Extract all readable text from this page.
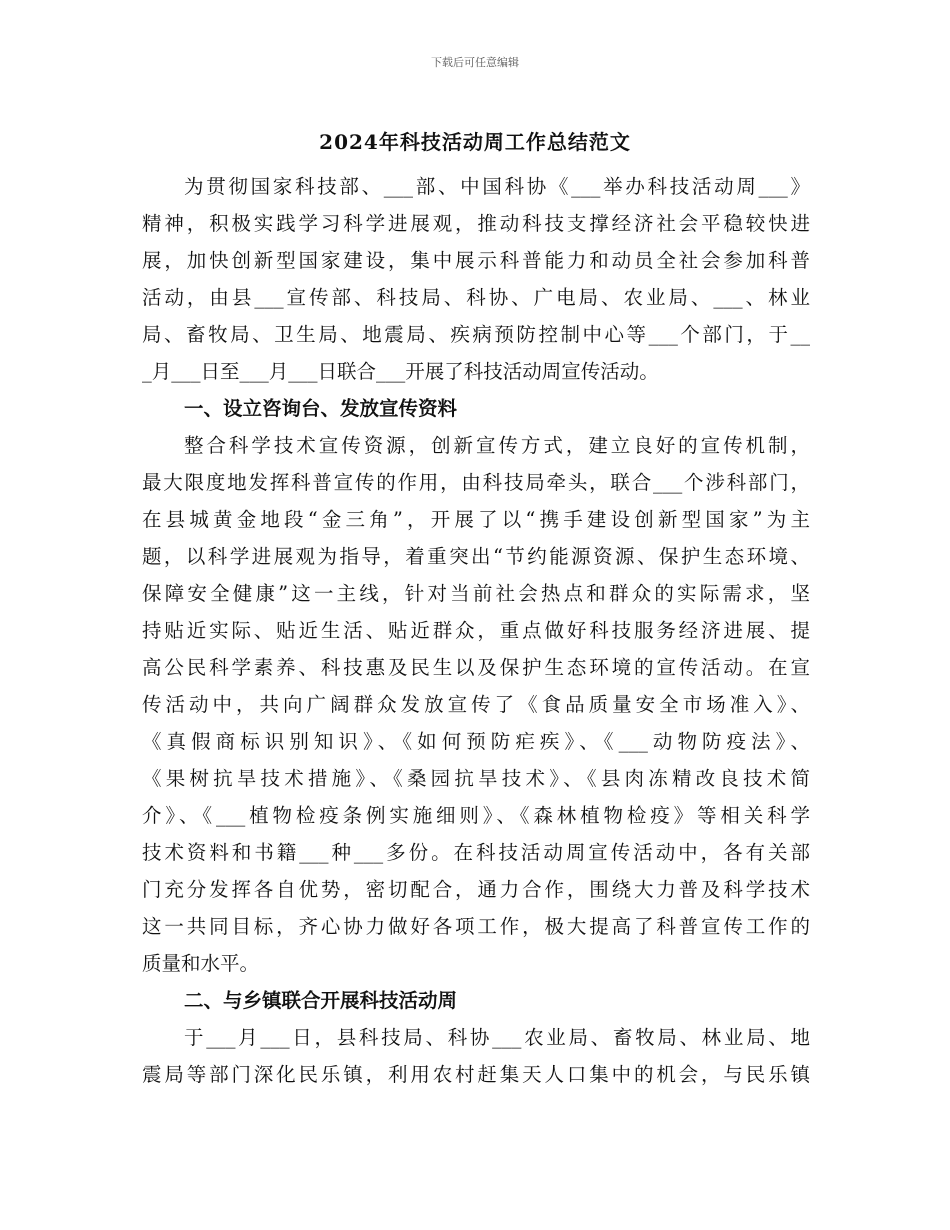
下载后可任意编辑
2024年科技活动周工作总结范文
为贯彻国家科技部、___部、中国科协《___举办科技活动周___》
精神，积极实践学习科学进展观，推动科技支撑经济社会平稳较快进
展，加快创新型国家建设，集中展示科普能力和动员全社会参加科普
活动，由县___宣传部、科技局、科协、广电局、农业局、___、林业
局、畜牧局、卫生局、地震局、疾病预防控制中心等___个部门，于__
_月___日至___月___日联合___开展了科技活动周宣传活动。
一、设立咨询台、发放宣传资料
整合科学技术宣传资源，创新宣传方式，建立良好的宣传机制，
最大限度地发挥科普宣传的作用，由科技局牵头，联合___个涉科部门，
在县城黄金地段“金三角”，开展了以“携手建设创新型国家”为主
题，以科学进展观为指导，着重突出“节约能源资源、保护生态环境、
保障安全健康”这一主线，针对当前社会热点和群众的实际需求，坚
持贴近实际、贴近生活、贴近群众，重点做好科技服务经济进展、提
高公民科学素养、科技惠及民生以及保护生态环境的宣传活动。在宣
传活动中，共向广阔群众发放宣传了《食品质量安全市场准入》、
《真假商标识别知识》、《如何预防疟疾》、《___动物防疫法》、
《果树抗旱技术措施》、《桑园抗旱技术》、《县肉冻精改良技术简
介》、《___植物检疫条例实施细则》、《森林植物检疫》等相关科学
技术资料和书籍___种___多份。在科技活动周宣传活动中，各有关部
门充分发挥各自优势，密切配合，通力合作，围绕大力普及科学技术
这一共同目标，齐心协力做好各项工作，极大提高了科普宣传工作的
质量和水平。
二、与乡镇联合开展科技活动周
于___月___日，县科技局、科协___农业局、畜牧局、林业局、地
震局等部门深化民乐镇，利用农村赶集天人口集中的机会，与民乐镇
